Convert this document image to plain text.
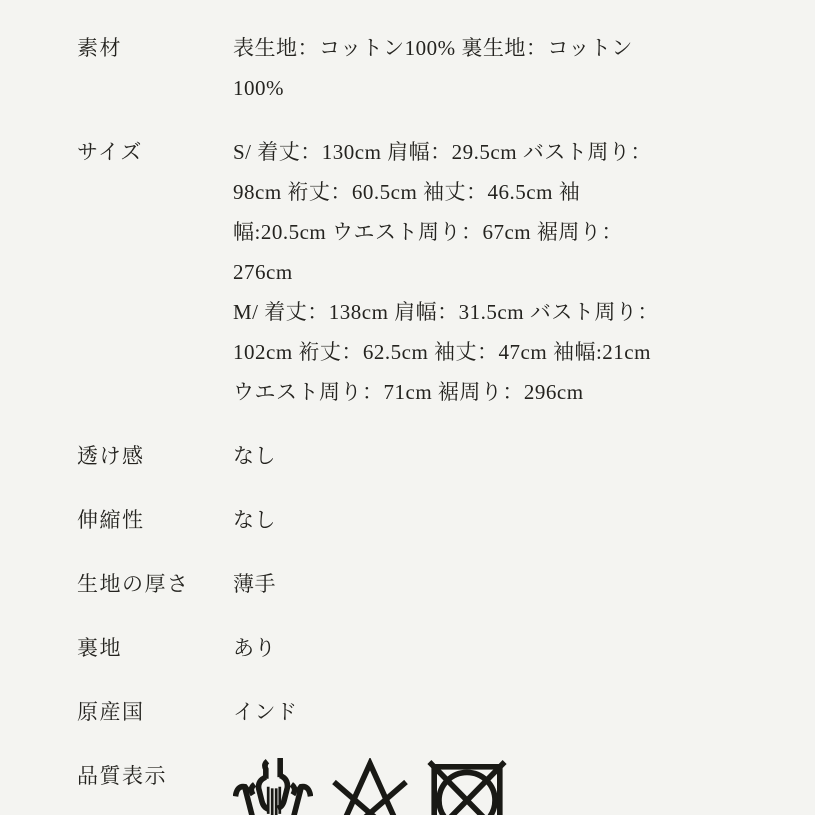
素材	表生地：コットン100% 裏生地：コットン
100%
サイズ	S/ 着丈：130cm 肩幅：29.5cm バスト周り：
98cm 裄丈：60.5cm 袖丈：46.5cm 袖
幅:20.5cm ウエスト周り：67cm 裾周り：
276cm
M/ 着丈：138cm 肩幅：31.5cm バスト周り：
102cm 裄丈：62.5cm 袖丈：47cm 袖幅:21cm
ウエスト周り：71cm 裾周り：296cm
透け感	なし
伸縮性	なし
生地の厚さ	薄手
裏地	あり
原産国	インド
品質表示
